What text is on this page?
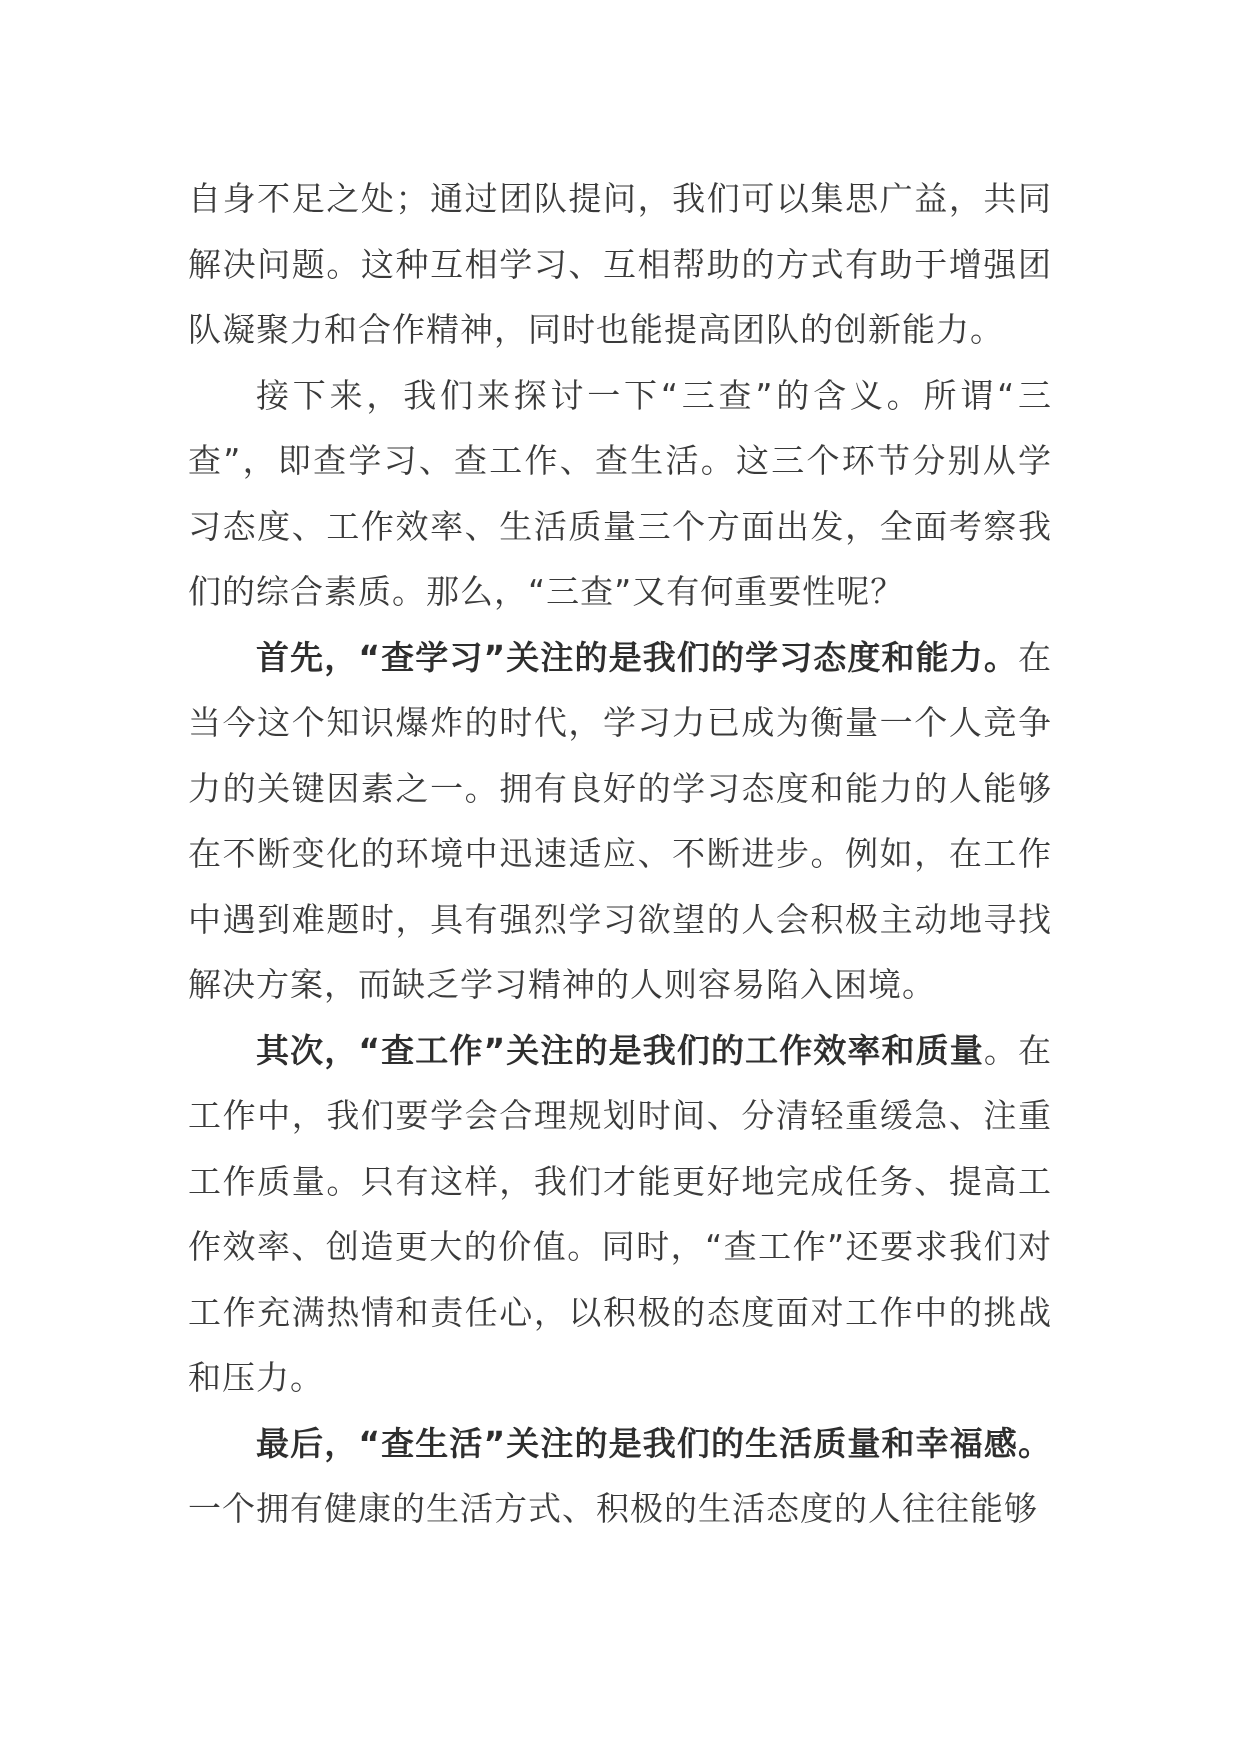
自身不足之处；通过团队提问，我们可以集思广益，共同解决问题。这种互相学习、互相帮助的方式有助于增强团队凝聚力和合作精神，同时也能提高团队的创新能力。

接下来，我们来探讨一下“三查”的含义。所谓“三查”，即查学习、查工作、查生活。这三个环节分别从学习态度、工作效率、生活质量三个方面出发，全面考察我们的综合素质。那么，“三查”又有何重要性呢？

首先，“查学习”关注的是我们的学习态度和能力。在当今这个知识爆炸的时代，学习力已成为衡量一个人竞争力的关键因素之一。拥有良好的学习态度和能力的人能够在不断变化的环境中迅速适应、不断进步。例如，在工作中遇到难题时，具有强烈学习欲望的人会积极主动地寻找解决方案，而缺乏学习精神的人则容易陷入困境。

其次，“查工作”关注的是我们的工作效率和质量。在工作中，我们要学会合理规划时间、分清轻重缓急、注重工作质量。只有这样，我们才能更好地完成任务、提高工作效率、创造更大的价值。同时，“查工作”还要求我们对工作充满热情和责任心，以积极的态度面对工作中的挑战和压力。

最后，“查生活”关注的是我们的生活质量和幸福感。一个拥有健康的生活方式、积极的生活态度的人往往能够
